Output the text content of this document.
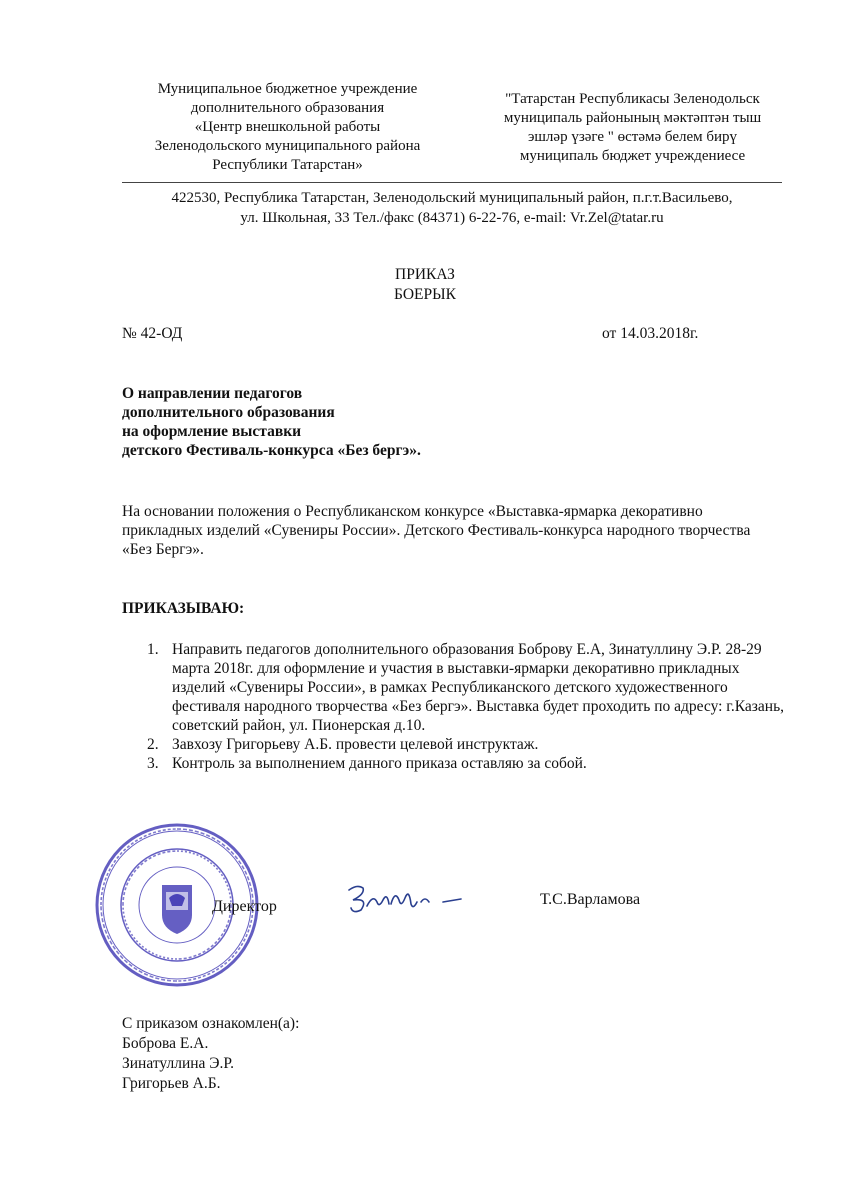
Муниципальное бюджетное учреждение
дополнительного образования
«Центр внешкольной работы
Зеленодольского муниципального района
Республики Татарстан»
"Татарстан Республикасы Зеленодольск
муниципаль районының мәктәптән тыш
эшләр үзәге " өстәмә белем бирү
муниципаль бюджет учреждениесе
422530, Республика Татарстан, Зеленодольский муниципальный район, п.г.т.Васильево,
ул. Школьная, 33 Тел./факс (84371) 6-22-76, e-mail: Vr.Zel@tatar.ru
ПРИКАЗ
БОЕРЫК
№ 42-ОД	от 14.03.2018г.
О направлении педагогов
дополнительного образования
на оформление выставки
детского Фестиваль-конкурса «Без бергэ».
На основании положения о Республиканском конкурсе «Выставка-ярмарка декоративно прикладных изделий «Сувениры России». Детского Фестиваль-конкурса народного творчества «Без Бергэ».
ПРИКАЗЫВАЮ:
1. Направить педагогов дополнительного образования Боброву Е.А, Зинатуллину Э.Р. 28-29 марта 2018г. для оформление и участия в выставки-ярмарки декоративно прикладных изделий «Сувениры России», в рамках Республиканского детского художественного фестиваля народного творчества «Без бергэ». Выставка будет проходить по адресу: г.Казань, советский район, ул. Пионерская д.10.
2. Завхозу Григорьеву А.Б. провести целевой инструктаж.
3. Контроль за выполнением данного приказа оставляю за собой.
Директор	Т.С.Варламова
С приказом ознакомлен(а):
Боброва Е.А.
Зинатуллина Э.Р.
Григорьев А.Б.
